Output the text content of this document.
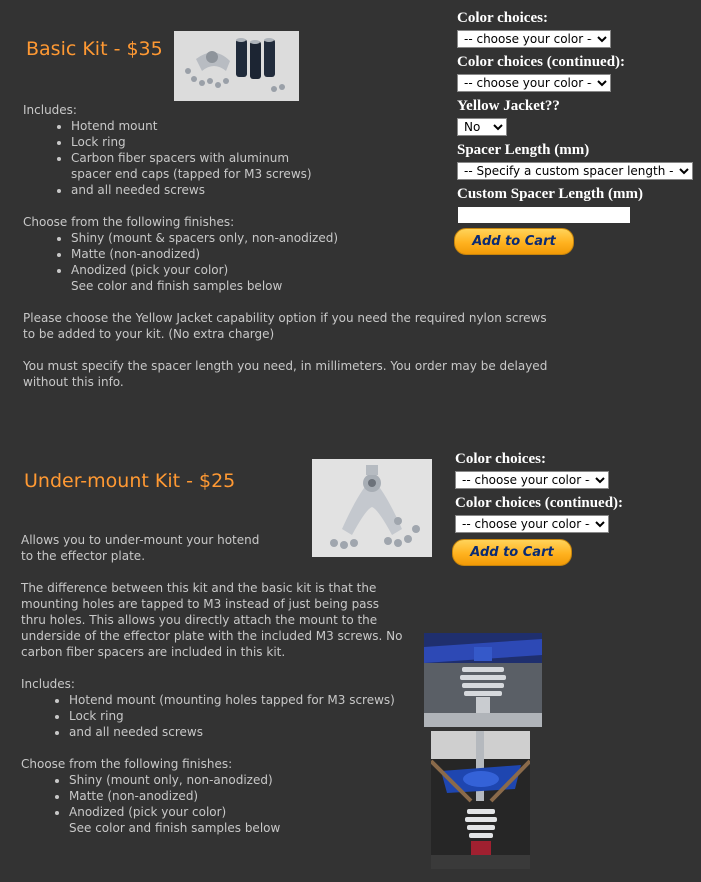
Basic Kit - $35

Includes:

• Hotend mount
• Lock ring
• Carbon fiber spacers with aluminum spacer end caps (tapped for M3 screws)
• and all needed screws

Choose from the following finishes:

• Shiny (mount & spacers only, non-anodized)
• Matte (non-anodized)
• Anodized (pick your color)

See color and finish samples below

Please choose the Yellow Jacket capability option if you need the required nylon screws to be added to your kit. (No extra charge)

You must specify the spacer length you need, in millimeters. You order may be delayed without this info.

Color choices:
-- choose your color --
Color choices (continued):
-- choose your color --
Yellow Jacket??
No
Spacer Length (mm)
-- Specify a custom spacer length --
Custom Spacer Length (mm)
Add to Cart
Under-mount Kit - $25

Allows you to under-mount your hotend to the effector plate.

The difference between this kit and the basic kit is that the mounting holes are tapped to M3 instead of just being pass thru holes. This allows you directly attach the mount to the underside of the effector plate with the included M3 screws. No carbon fiber spacers are included in this kit.

Includes:

• Hotend mount (mounting holes tapped for M3 screws)
• Lock ring
• and all needed screws

Choose from the following finishes:

• Shiny (mount only, non-anodized)
• Matte (non-anodized)
• Anodized (pick your color)

See color and finish samples below

Color choices:
-- choose your color --
Color choices (continued):
-- choose your color --
Add to Cart
